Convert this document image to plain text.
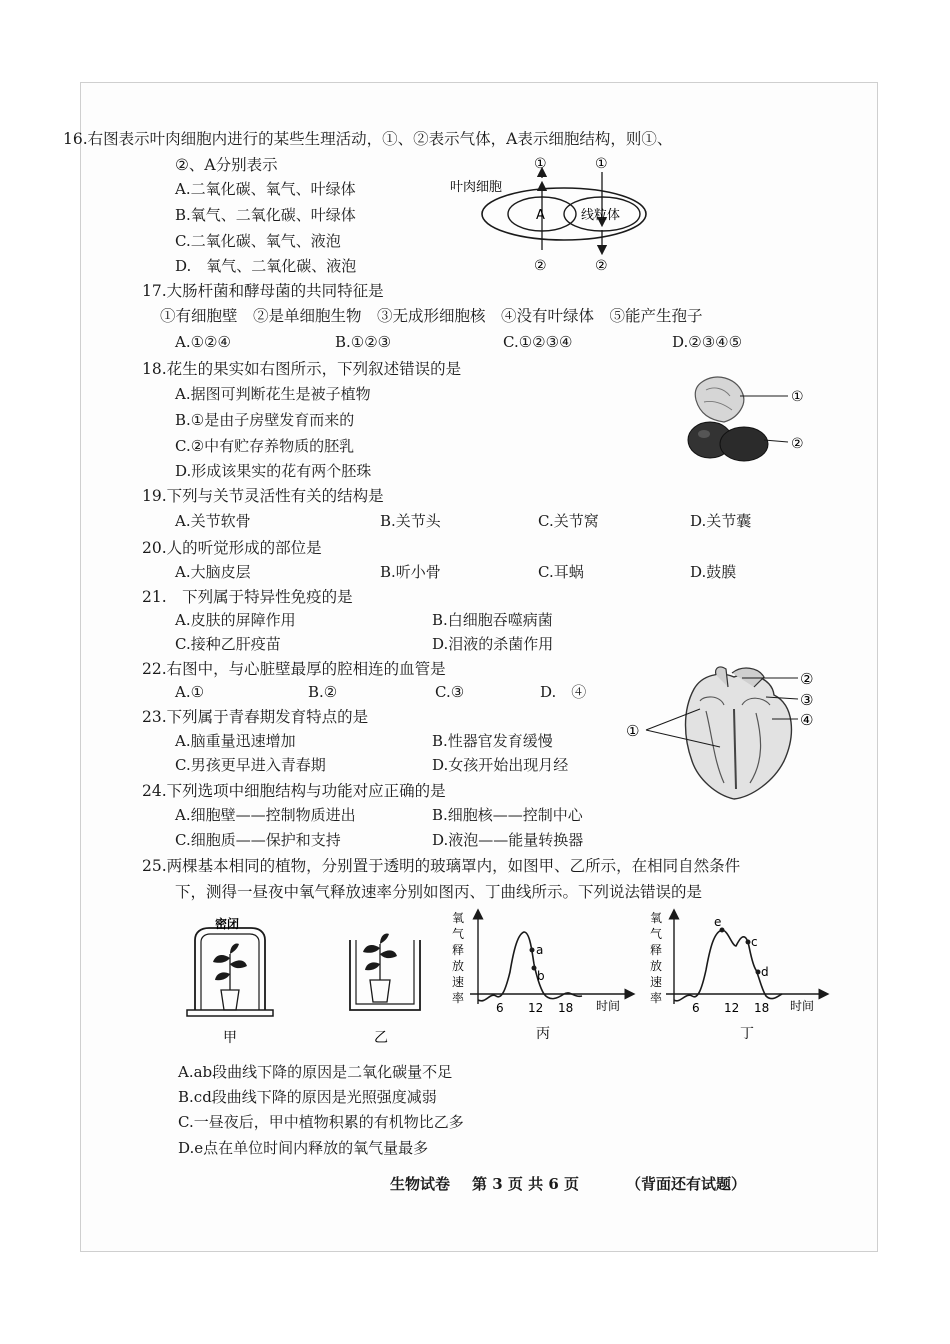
16.右图表示叶肉细胞内进行的某些生理活动，①、②表示气体，A表示细胞结构，则①、
②、A分别表示
A.二氧化碳、氧气、叶绿体
B.氧气、二氧化碳、叶绿体
C.二氧化碳、氧气、液泡
D.　氧气、二氧化碳、液泡
叶肉细胞
A	线粒体
①	①
②	②
17.大肠杆菌和酵母菌的共同特征是
①有细胞壁　②是单细胞生物　③无成形细胞核　④没有叶绿体　⑤能产生孢子
A.①②④	B.①②③	C.①②③④	D.②③④⑤
18.花生的果实如右图所示，下列叙述错误的是
A.据图可判断花生是被子植物
B.①是由子房壁发育而来的
C.②中有贮存养物质的胚乳
D.形成该果实的花有两个胚珠
①
②
19.下列与关节灵活性有关的结构是
A.关节软骨	B.关节头	C.关节窝	D.关节囊
20.人的听觉形成的部位是
A.大脑皮层	B.听小骨	C.耳蜗	D.鼓膜
21.　下列属于特异性免疫的是
A.皮肤的屏障作用	B.白细胞吞噬病菌
C.接种乙肝疫苗	D.泪液的杀菌作用
22.右图中，与心脏壁最厚的腔相连的血管是
A.①	B.②	C.③	D.　④
①
②
③
④
23.下列属于青春期发育特点的是
A.脑重量迅速增加	B.性器官发育缓慢
C.男孩更早进入青春期	D.女孩开始出现月经
24.下列选项中细胞结构与功能对应正确的是
A.细胞壁——控制物质进出	B.细胞核——控制中心
C.细胞质——保护和支持	D.液泡——能量转换器
25.两棵基本相同的植物，分别置于透明的玻璃罩内，如图甲、乙所示，在相同自然条件
下，测得一昼夜中氧气释放速率分别如图丙、丁曲线所示。下列说法错误的是
密闭
甲	乙
a
b
6 12 18 时间
氧
气
释
放
速
率
丙
e
c
d
6 12 18 时间
氧
气
释
放
速
率
丁
A.ab段曲线下降的原因是二氧化碳量不足
B.cd段曲线下降的原因是光照强度减弱
C.一昼夜后，甲中植物积累的有机物比乙多
D.e点在单位时间内释放的氧气量最多
生物试卷 第 3 页 共 6 页	（背面还有试题）
